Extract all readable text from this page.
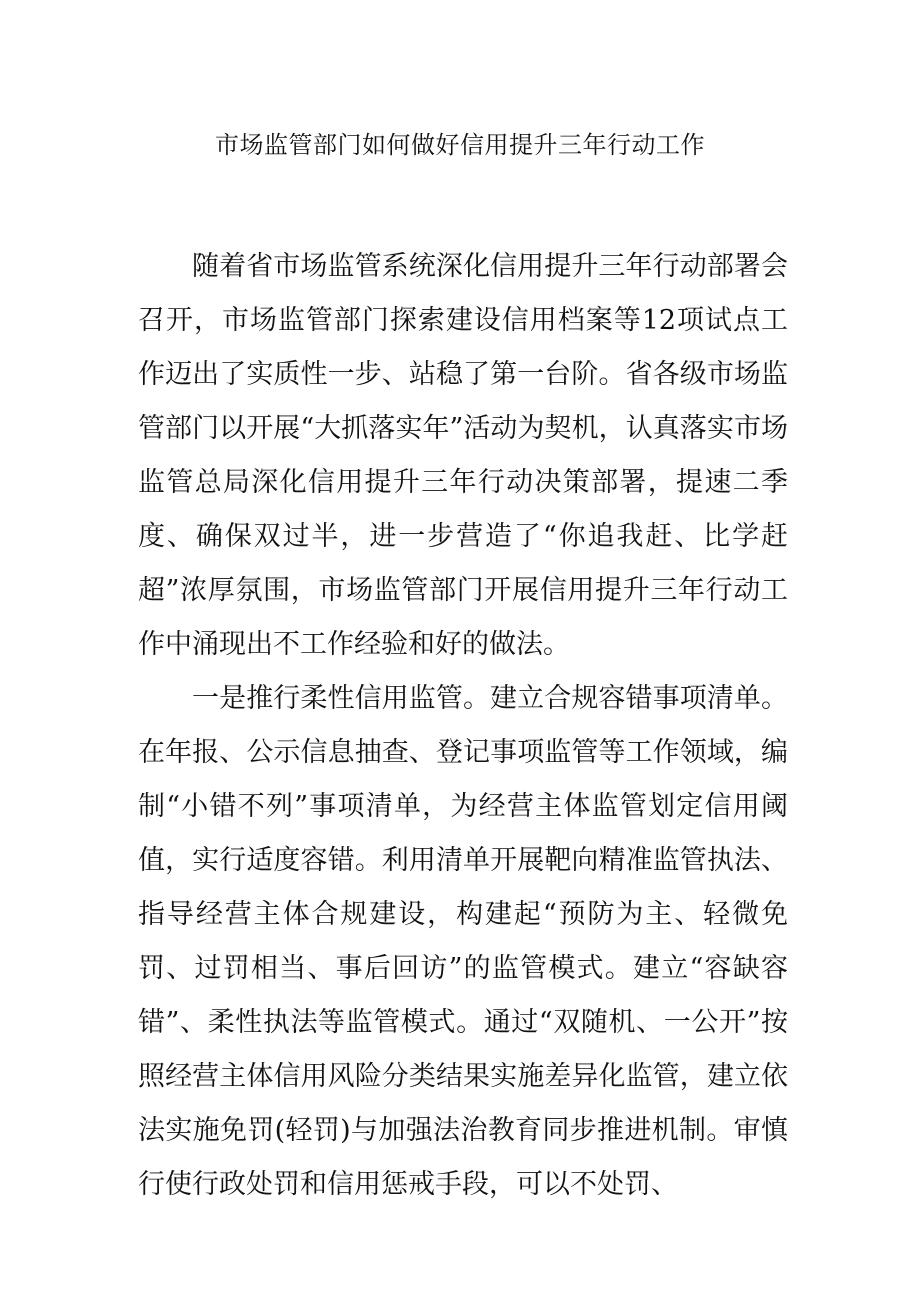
市场监管部门如何做好信用提升三年行动工作

随着省市场监管系统深化信用提升三年行动部署会召开，市场监管部门探索建设信用档案等12项试点工作迈出了实质性一步、站稳了第一台阶。省各级市场监管部门以开展“大抓落实年”活动为契机，认真落实市场监管总局深化信用提升三年行动决策部署，提速二季度、确保双过半，进一步营造了“你追我赶、比学赶超”浓厚氛围，市场监管部门开展信用提升三年行动工作中涌现出不工作经验和好的做法。

一是推行柔性信用监管。建立合规容错事项清单。在年报、公示信息抽查、登记事项监管等工作领域，编制“小错不列”事项清单，为经营主体监管划定信用阈值，实行适度容错。利用清单开展靶向精准监管执法、指导经营主体合规建设，构建起“预防为主、轻微免罚、过罚相当、事后回访”的监管模式。建立“容缺容错”、柔性执法等监管模式。通过“双随机、一公开”按照经营主体信用风险分类结果实施差异化监管，建立依法实施免罚(轻罚)与加强法治教育同步推进机制。审慎行使行政处罚和信用惩戒手段，可以不处罚、
